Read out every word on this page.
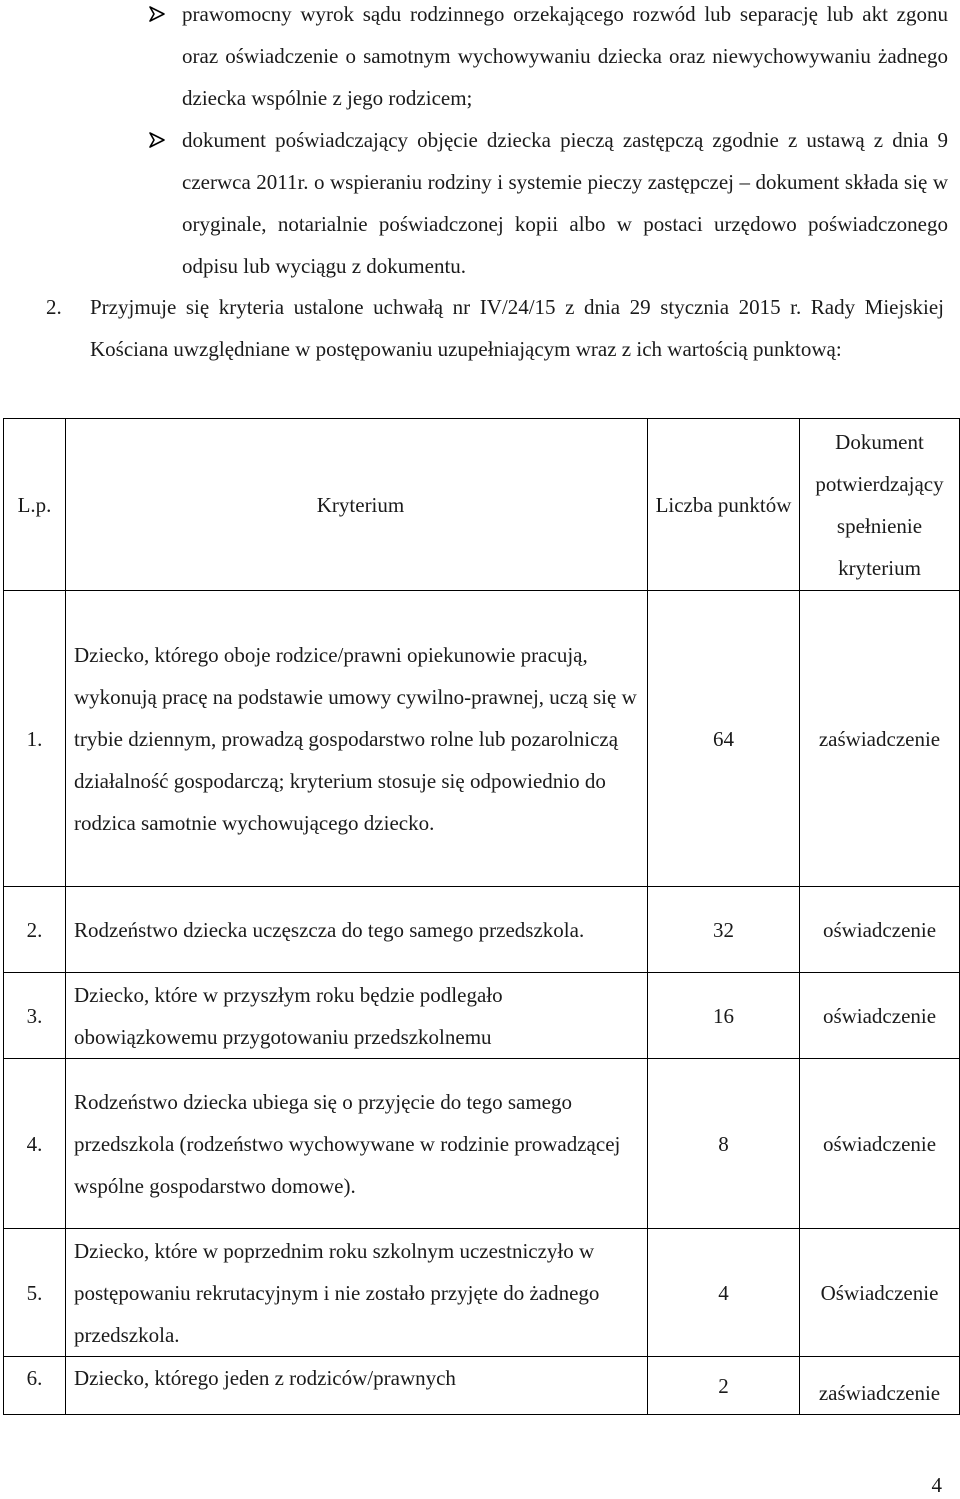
prawomocny wyrok sądu rodzinnego orzekającego rozwód lub separację lub akt zgonu oraz oświadczenie o samotnym wychowywaniu dziecka oraz niewychowywaniu żadnego dziecka wspólnie z jego rodzicem;
dokument poświadczający objęcie dziecka pieczą zastępczą zgodnie z ustawą z dnia 9 czerwca 2011r. o wspieraniu rodziny i systemie pieczy zastępczej – dokument składa się w oryginale, notarialnie poświadczonej kopii albo w postaci urzędowo poświadczonego odpisu lub wyciągu z dokumentu.
2. Przyjmuje się kryteria ustalone uchwałą nr IV/24/15 z dnia 29 stycznia 2015 r. Rady Miejskiej Kościana uwzględniane w postępowaniu uzupełniającym wraz z ich wartością punktową:
L.p.	Kryterium	Liczba punktów	Dokument potwierdzający spełnienie kryterium
1.	Dziecko, którego oboje rodzice/prawni opiekunowie pracują, wykonują pracę na podstawie umowy cywilno-prawnej, uczą się w trybie dziennym, prowadzą gospodarstwo rolne lub pozarolniczą działalność gospodarczą; kryterium stosuje się odpowiednio do rodzica samotnie wychowującego dziecko.	64	zaświadczenie
2.	Rodzeństwo dziecka uczęszcza do tego samego przedszkola.	32	oświadczenie
3.	Dziecko, które w przyszłym roku będzie podlegało obowiązkowemu przygotowaniu przedszkolnemu	16	oświadczenie
4.	Rodzeństwo dziecka ubiega się o przyjęcie do tego samego przedszkola (rodzeństwo wychowywane w rodzinie prowadzącej wspólne gospodarstwo domowe).	8	oświadczenie
5.	Dziecko, które w poprzednim roku szkolnym uczestniczyło w postępowaniu rekrutacyjnym i nie zostało przyjęte do żadnego przedszkola.	4	Oświadczenie
6.	Dziecko, którego jeden z rodziców/prawnych	2	zaświadczenie
4
